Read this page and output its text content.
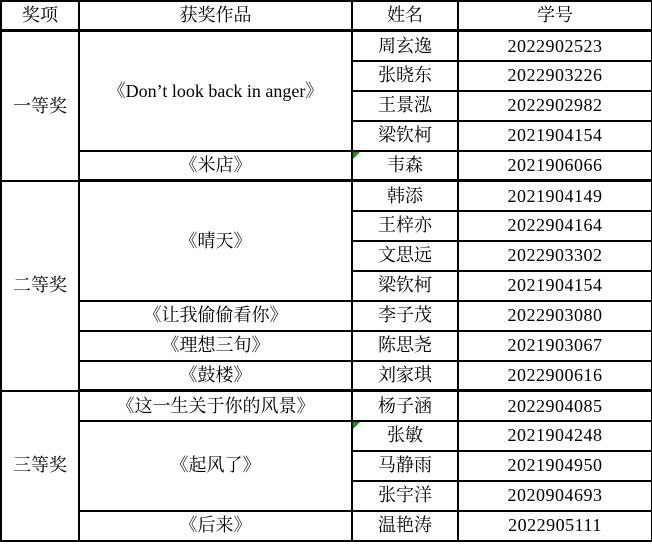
奖项	获奖作品	姓名	学号
一等奖	《Don’t look back in anger》	周玄逸	2022902523
		张晓东	2022903226
		王景泓	2022902982
		梁钦柯	2021904154
	《米店》	韦森	2021906066
二等奖	《晴天》	韩添	2021904149
		王梓亦	2022904164
		文思远	2022903302
		梁钦柯	2021904154
	《让我偷偷看你》	李子茂	2022903080
	《理想三旬》	陈思尧	2021903067
	《鼓楼》	刘家琪	2022900616
三等奖	《这一生关于你的风景》	杨子涵	2022904085
	《起风了》	张敏	2021904248
		马静雨	2021904950
		张宇洋	2020904693
	《后来》	温艳涛	2022905111
